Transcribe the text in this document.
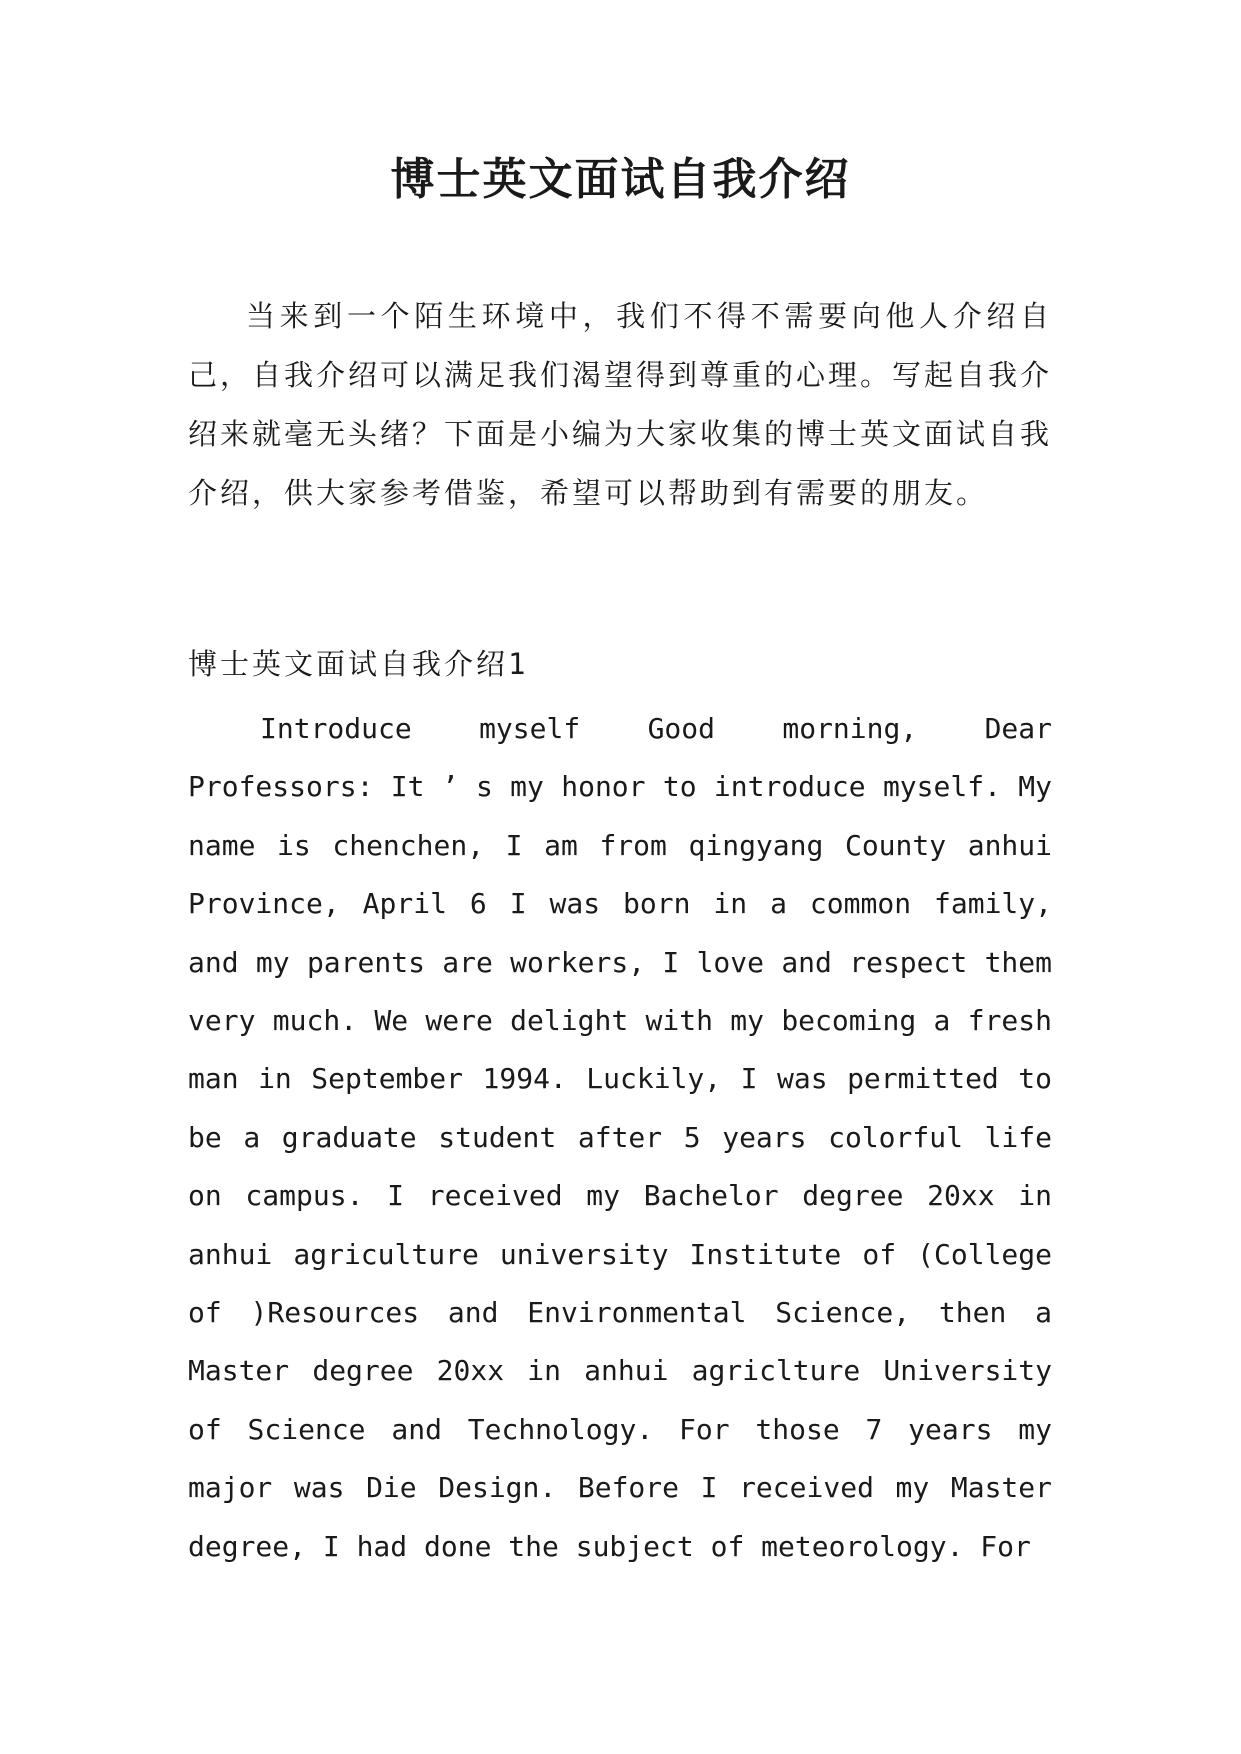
博士英文面试自我介绍

当来到一个陌生环境中，我们不得不需要向他人介绍自己，自我介绍可以满足我们渴望得到尊重的心理。写起自我介绍来就毫无头绪？下面是小编为大家收集的博士英文面试自我介绍，供大家参考借鉴，希望可以帮助到有需要的朋友。

博士英文面试自我介绍1

Introduce myself Good morning, Dear Professors: It ’ s my honor to introduce myself. My name is chenchen, I am from qingyang County anhui Province, April 6 I was born in a common family, and my parents are workers, I love and respect them very much. We were delight with my becoming a fresh man in September 1994. Luckily, I was permitted to be a graduate student after 5 years colorful life on campus. I received my Bachelor degree 20xx in anhui agriculture university Institute of (College of )Resources and Environmental Science, then a Master degree 20xx in anhui agriclture University of Science and Technology. For those 7 years my major was Die Design. Before I received my Master degree, I had done the subject of meteorology. For
